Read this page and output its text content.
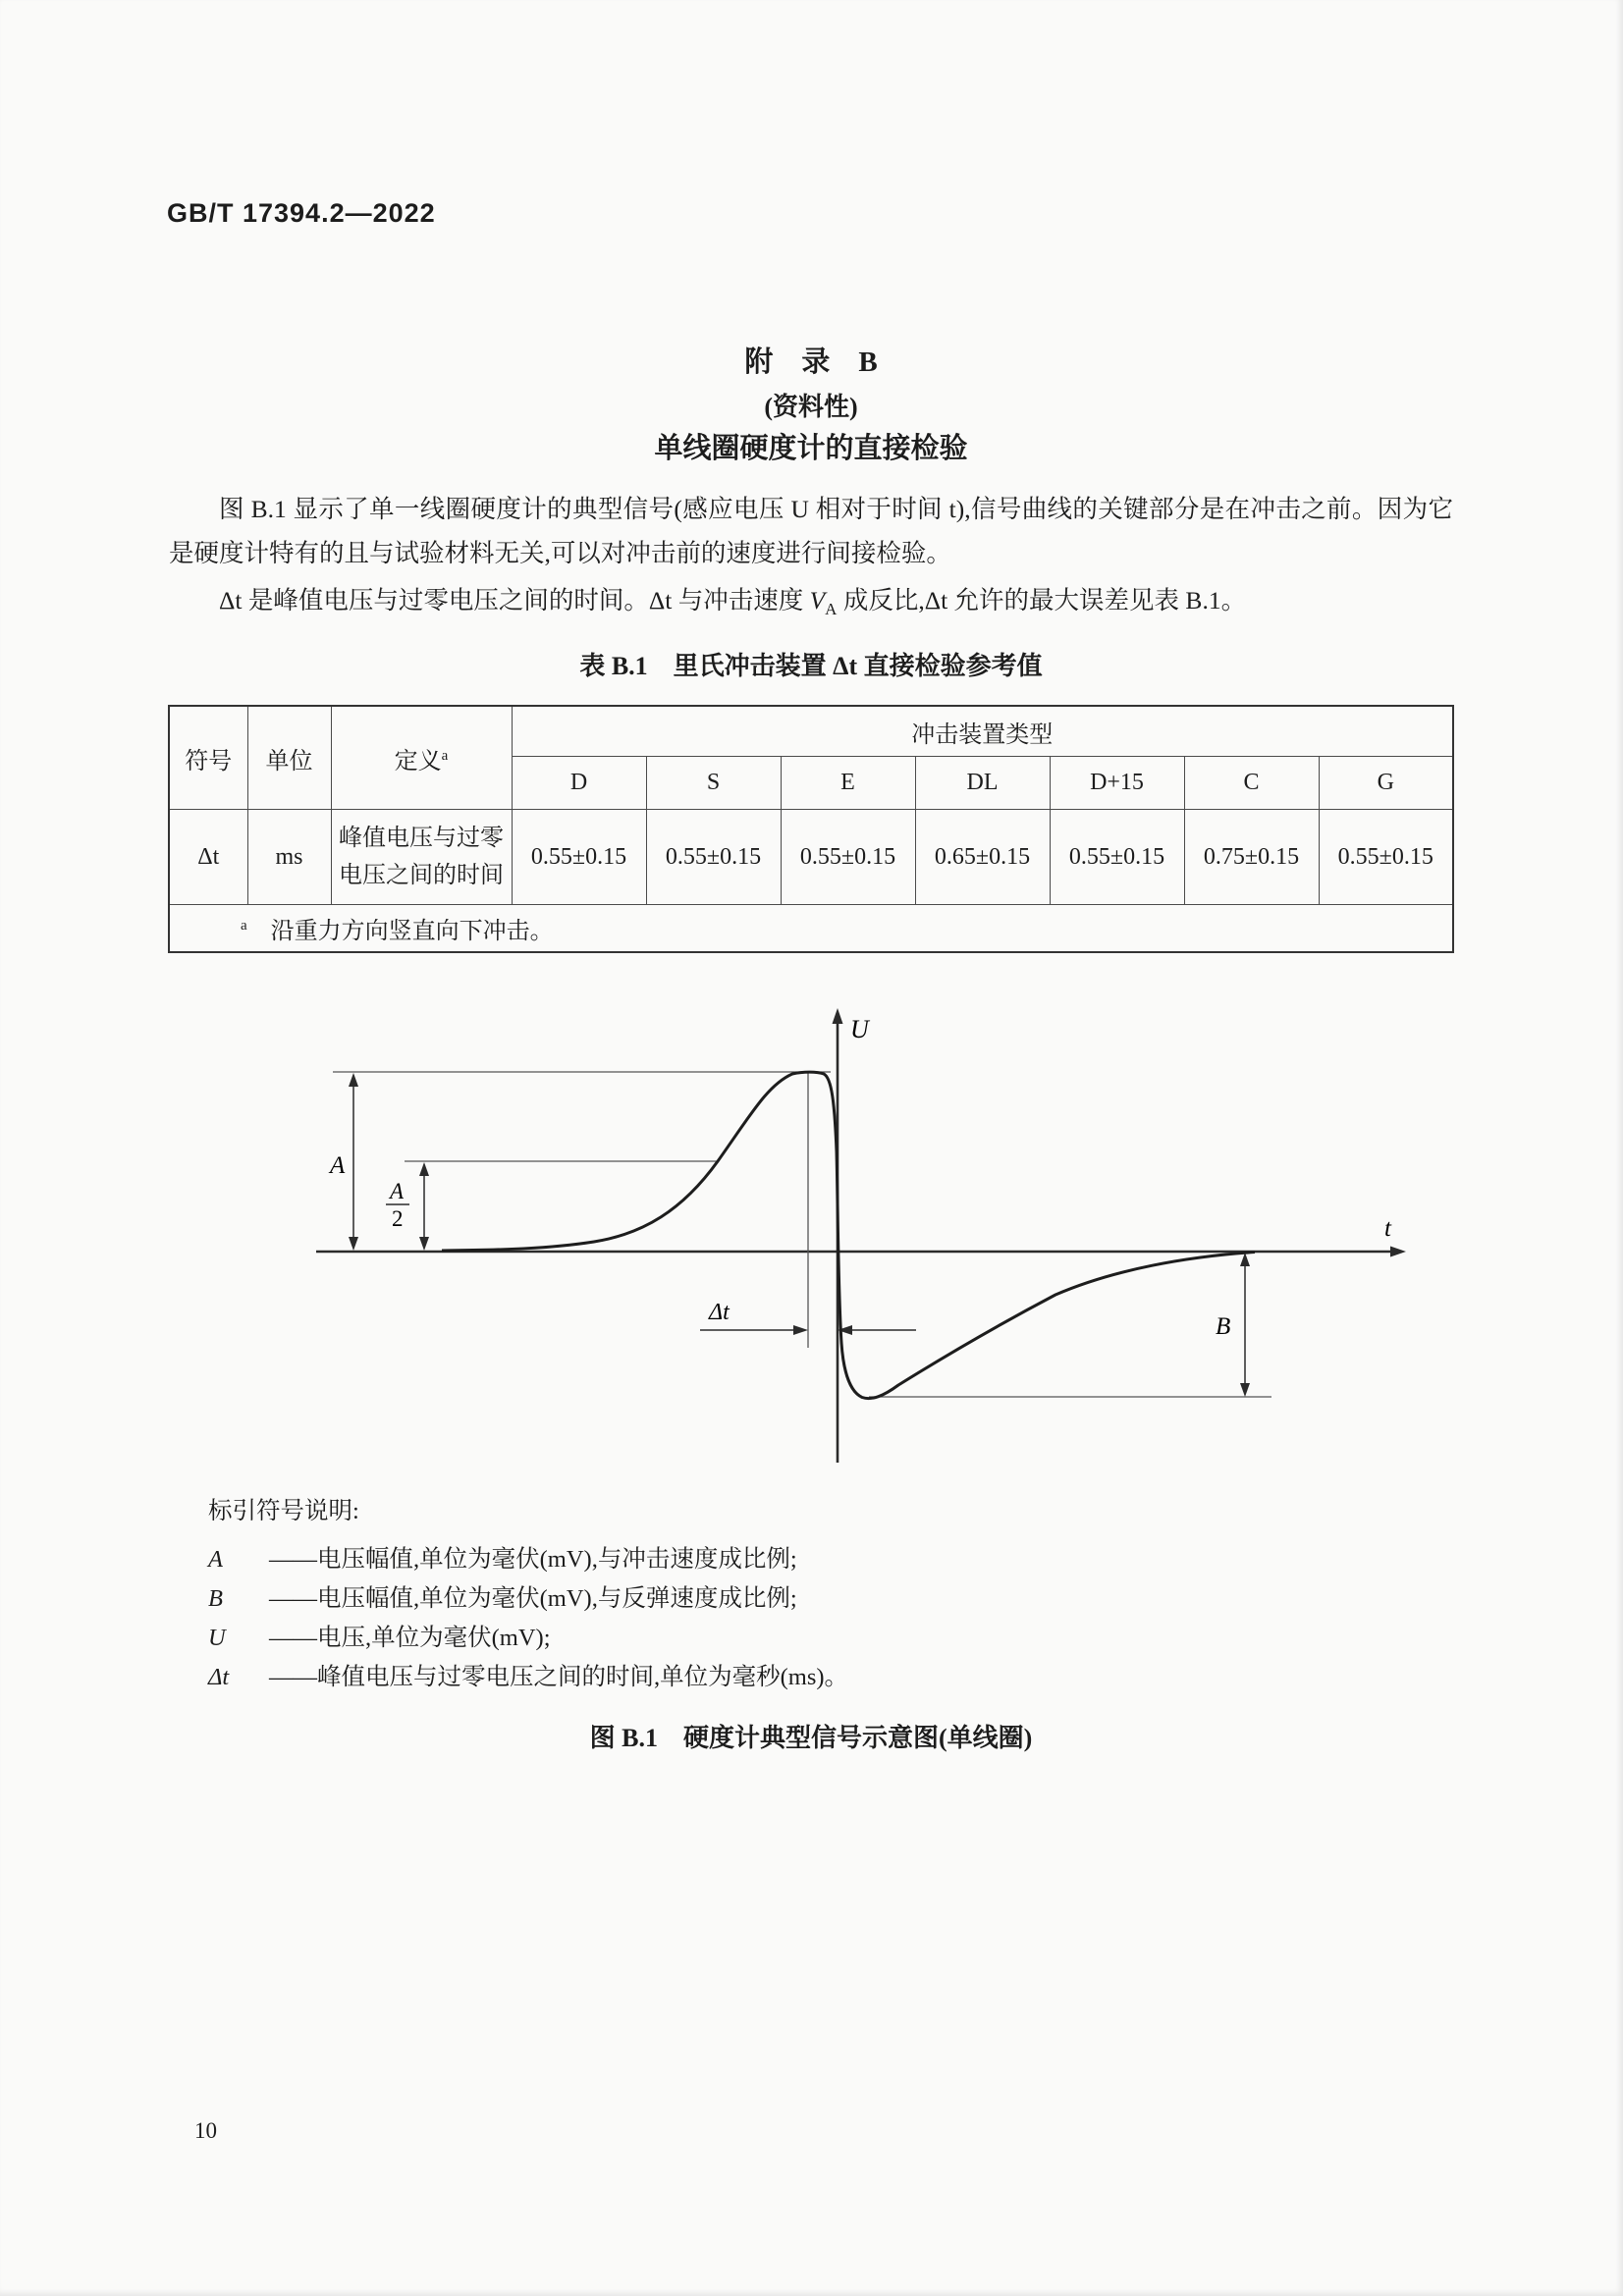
GB/T 17394.2—2022
附　录　B
(资料性)
单线圈硬度计的直接检验
图 B.1 显示了单一线圈硬度计的典型信号(感应电压 U 相对于时间 t),信号曲线的关键部分是在冲击之前。因为它是硬度计特有的且与试验材料无关,可以对冲击前的速度进行间接检验。
Δt 是峰值电压与过零电压之间的时间。Δt 与冲击速度 $V_A$ 成反比,Δt 允许的最大误差见表 B.1。
表 B.1　里氏冲击装置 Δt 直接检验参考值
符号	单位	定义$^a$	冲击装置类型						
			D	S	E	DL	D+15	C	G
Δt	ms	峰值电压与过零
电压之间的时间	0.55±0.15	0.55±0.15	0.55±0.15	0.65±0.15	0.55±0.15	0.75±0.15	0.55±0.15
$^a$　 沿重力方向竖直向下冲击。									
U
t
A
A
2
Δt
B
标引符号说明:
A ——电压幅值,单位为毫伏(mV),与冲击速度成比例;
B ——电压幅值,单位为毫伏(mV),与反弹速度成比例;
U ——电压,单位为毫伏(mV);
Δt ——峰值电压与过零电压之间的时间,单位为毫秒(ms)。
图 B.1　硬度计典型信号示意图(单线圈)
10
